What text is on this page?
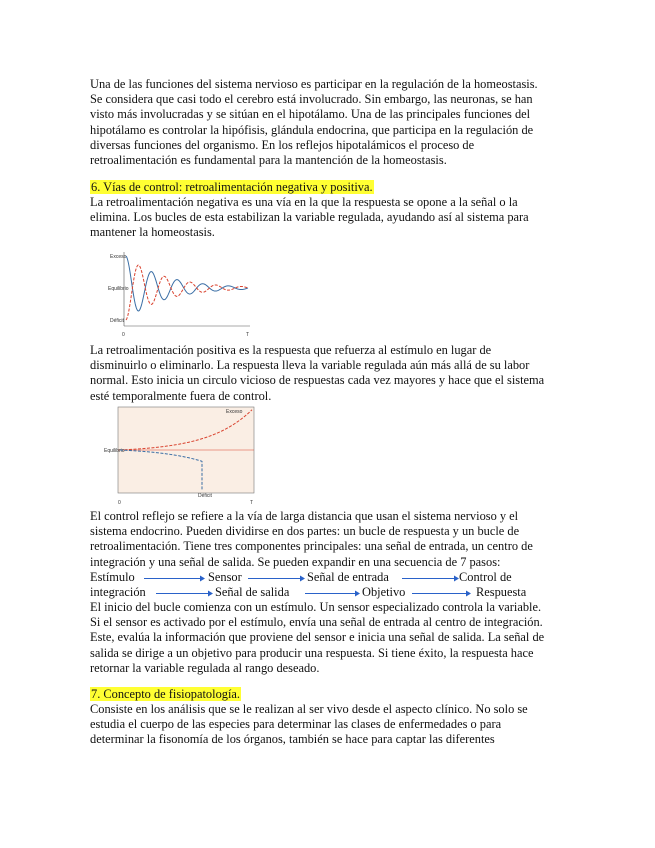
Una de las funciones del sistema nervioso es participar en la regulación de la homeostasis.
Se considera que casi todo el cerebro está involucrado. Sin embargo, las neuronas, se han
visto más involucradas y se sitúan en el hipotálamo. Una de las principales funciones del
hipotálamo es controlar la hipófisis, glándula endocrina, que participa en la regulación de
diversas funciones del organismo. En los reflejos hipotalámicos el proceso de
retroalimentación es fundamental para la mantención de la homeostasis.
6. Vías de control: retroalimentación negativa y positiva.
La retroalimentación negativa es una vía en la que la respuesta se opone a la señal o la
elimina. Los bucles de esta estabilizan la variable regulada, ayudando así al sistema para
mantener la homeostasis.
Exceso
Equilibrio
Déficit
0	T
La retroalimentación positiva es la respuesta que refuerza al estímulo en lugar de
disminuirlo o eliminarlo. La respuesta lleva la variable regulada aún más allá de su labor
normal. Esto inicia un circulo vicioso de respuestas cada vez mayores y hace que el sistema
esté temporalmente fuera de control.
Equilibrio
Exceso
Déficit
0	T
El control reflejo se refiere a la vía de larga distancia que usan el sistema nervioso y el
sistema endocrino. Pueden dividirse en dos partes: un bucle de respuesta y un bucle de
retroalimentación. Tiene tres componentes principales: una señal de entrada, un centro de
integración y una señal de salida. Se pueden expandir en una secuencia de 7 pasos:
Estímulo	Sensor	Señal de entrada	Control de
integración	Señal de salida	Objetivo	Respuesta
El inicio del bucle comienza con un estímulo. Un sensor especializado controla la variable.
Si el sensor es activado por el estímulo, envía una señal de entrada al centro de integración.
Este, evalúa la información que proviene del sensor e inicia una señal de salida. La señal de
salida se dirige a un objetivo para producir una respuesta. Si tiene éxito, la respuesta hace
retornar la variable regulada al rango deseado.
7. Concepto de fisiopatología.
Consiste en los análisis que se le realizan al ser vivo desde el aspecto clínico. No solo se
estudia el cuerpo de las especies para determinar las clases de enfermedades o para
determinar la fisonomía de los órganos, también se hace para captar las diferentes
